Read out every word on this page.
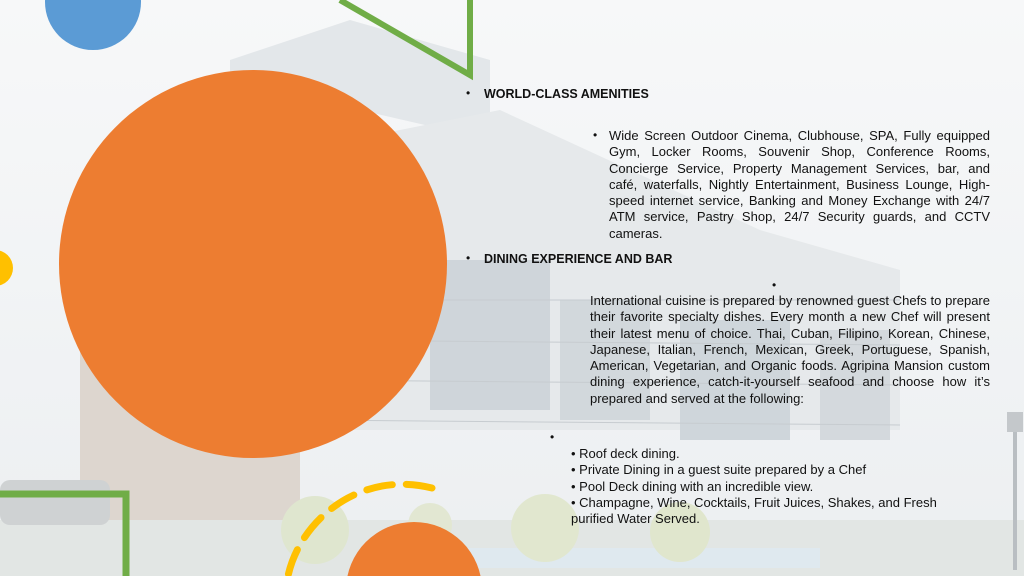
• WORLD-CLASS AMENITIES
• Wide Screen Outdoor Cinema, Clubhouse, SPA, Fully equipped Gym, Locker Rooms, Souvenir Shop, Conference Rooms, Concierge Service, Property Management Services, bar, and café, waterfalls, Nightly Entertainment, Business Lounge, High-speed internet service, Banking and Money Exchange with 24/7 ATM service, Pastry Shop, 24/7 Security guards, and CCTV cameras.
• DINING EXPERIENCE AND BAR
•
International cuisine is prepared by renowned guest Chefs to prepare their favorite specialty dishes. Every month a new Chef will present their latest menu of choice. Thai, Cuban, Filipino, Korean, Chinese, Japanese, Italian, French, Mexican, Greek, Portuguese, Spanish, American, Vegetarian, and Organic foods. Agripina Mansion custom dining experience, catch-it-yourself seafood and choose how it’s prepared and served at the following:
•
• Roof deck dining.
• Private Dining in a guest suite prepared by a Chef
• Pool Deck dining with an incredible view.
• Champagne, Wine, Cocktails, Fruit Juices, Shakes, and Fresh purified Water Served.
